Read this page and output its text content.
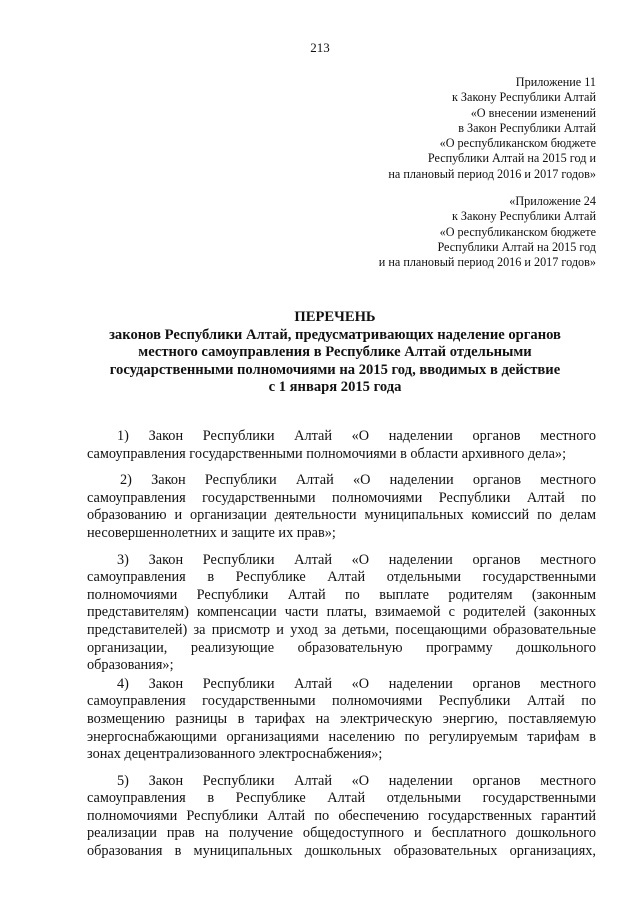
213
Приложение 11
к Закону Республики Алтай
«О внесении изменений
в Закон Республики Алтай
«О республиканском бюджете
Республики Алтай на 2015 год и
на плановый период 2016 и 2017 годов»
«Приложение 24
к Закону Республики Алтай
«О республиканском бюджете
Республики Алтай на 2015 год
и на плановый период 2016 и 2017 годов»
ПЕРЕЧЕНЬ
законов Республики Алтай, предусматривающих наделение органов
местного самоуправления в Республике Алтай отдельными
государственными полномочиями на 2015 год, вводимых в действие
с 1 января 2015 года
1) Закон Республики Алтай «О наделении органов местного
самоуправления государственными полномочиями в области архивного дела»;
2) Закон Республики Алтай «О наделении органов местного
самоуправления государственными полномочиями Республики Алтай по
образованию и организации деятельности муниципальных комиссий по делам
несовершеннолетних и защите их прав»;
3) Закон Республики Алтай «О наделении органов местного
самоуправления в Республике Алтай отдельными государственными
полномочиями Республики Алтай по выплате родителям (законным
представителям) компенсации части платы, взимаемой с родителей (законных
представителей) за присмотр и уход за детьми, посещающими образовательные
организации, реализующие образовательную программу дошкольного
образования»;
4) Закон Республики Алтай «О наделении органов местного
самоуправления государственными полномочиями Республики Алтай по
возмещению разницы в тарифах на электрическую энергию, поставляемую
энергоснабжающими организациями населению по регулируемым тарифам в
зонах децентрализованного электроснабжения»;
5) Закон Республики Алтай «О наделении органов местного
самоуправления в Республике Алтай отдельными государственными
полномочиями Республики Алтай по обеспечению государственных гарантий
реализации прав на получение общедоступного и бесплатного дошкольного
образования в муниципальных дошкольных образовательных организациях,
